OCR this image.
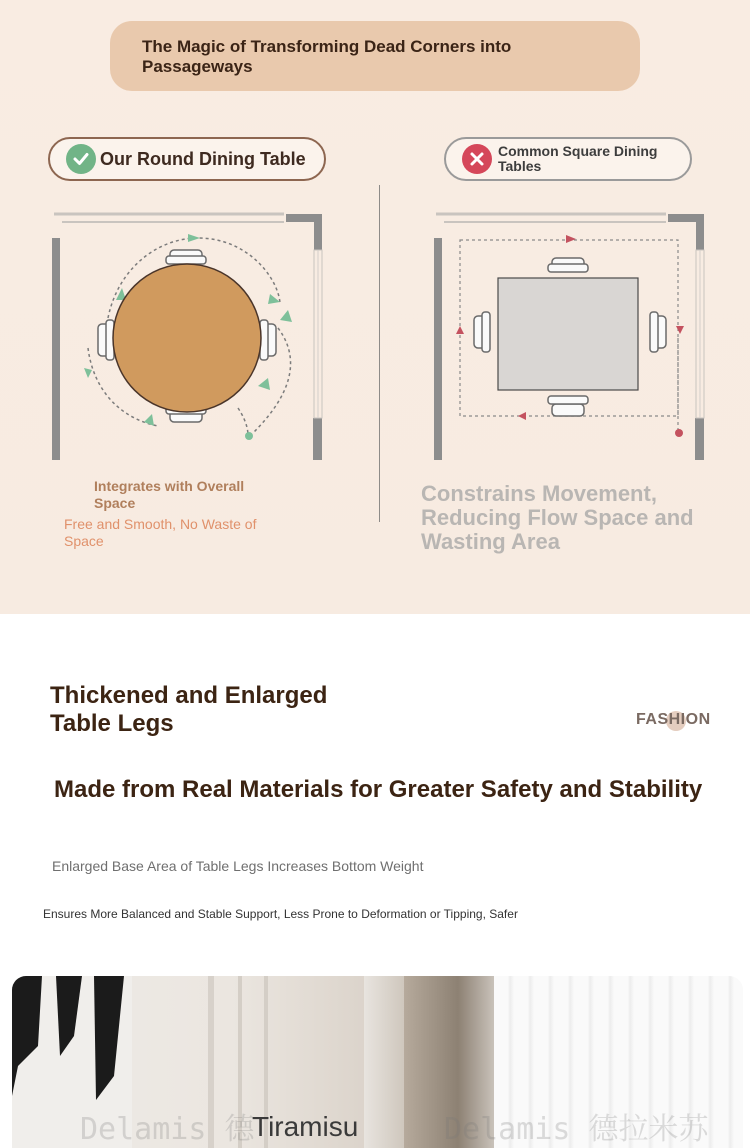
The Magic of Transforming Dead Corners into Passageways
Our Round Dining Table	Common Square Dining Tables
Integrates with Overall Space
Free and Smooth, No Waste of Space
Constrains Movement, Reducing Flow Space and Wasting Area
Thickened and Enlarged Table Legs	FASHION
Made from Real Materials for Greater Safety and Stability
Enlarged Base Area of Table Legs Increases Bottom Weight
Ensures More Balanced and Stable Support, Less Prone to Deformation or Tipping, Safer
Delamis 德	Delamis 德拉米苏
Tiramisu
